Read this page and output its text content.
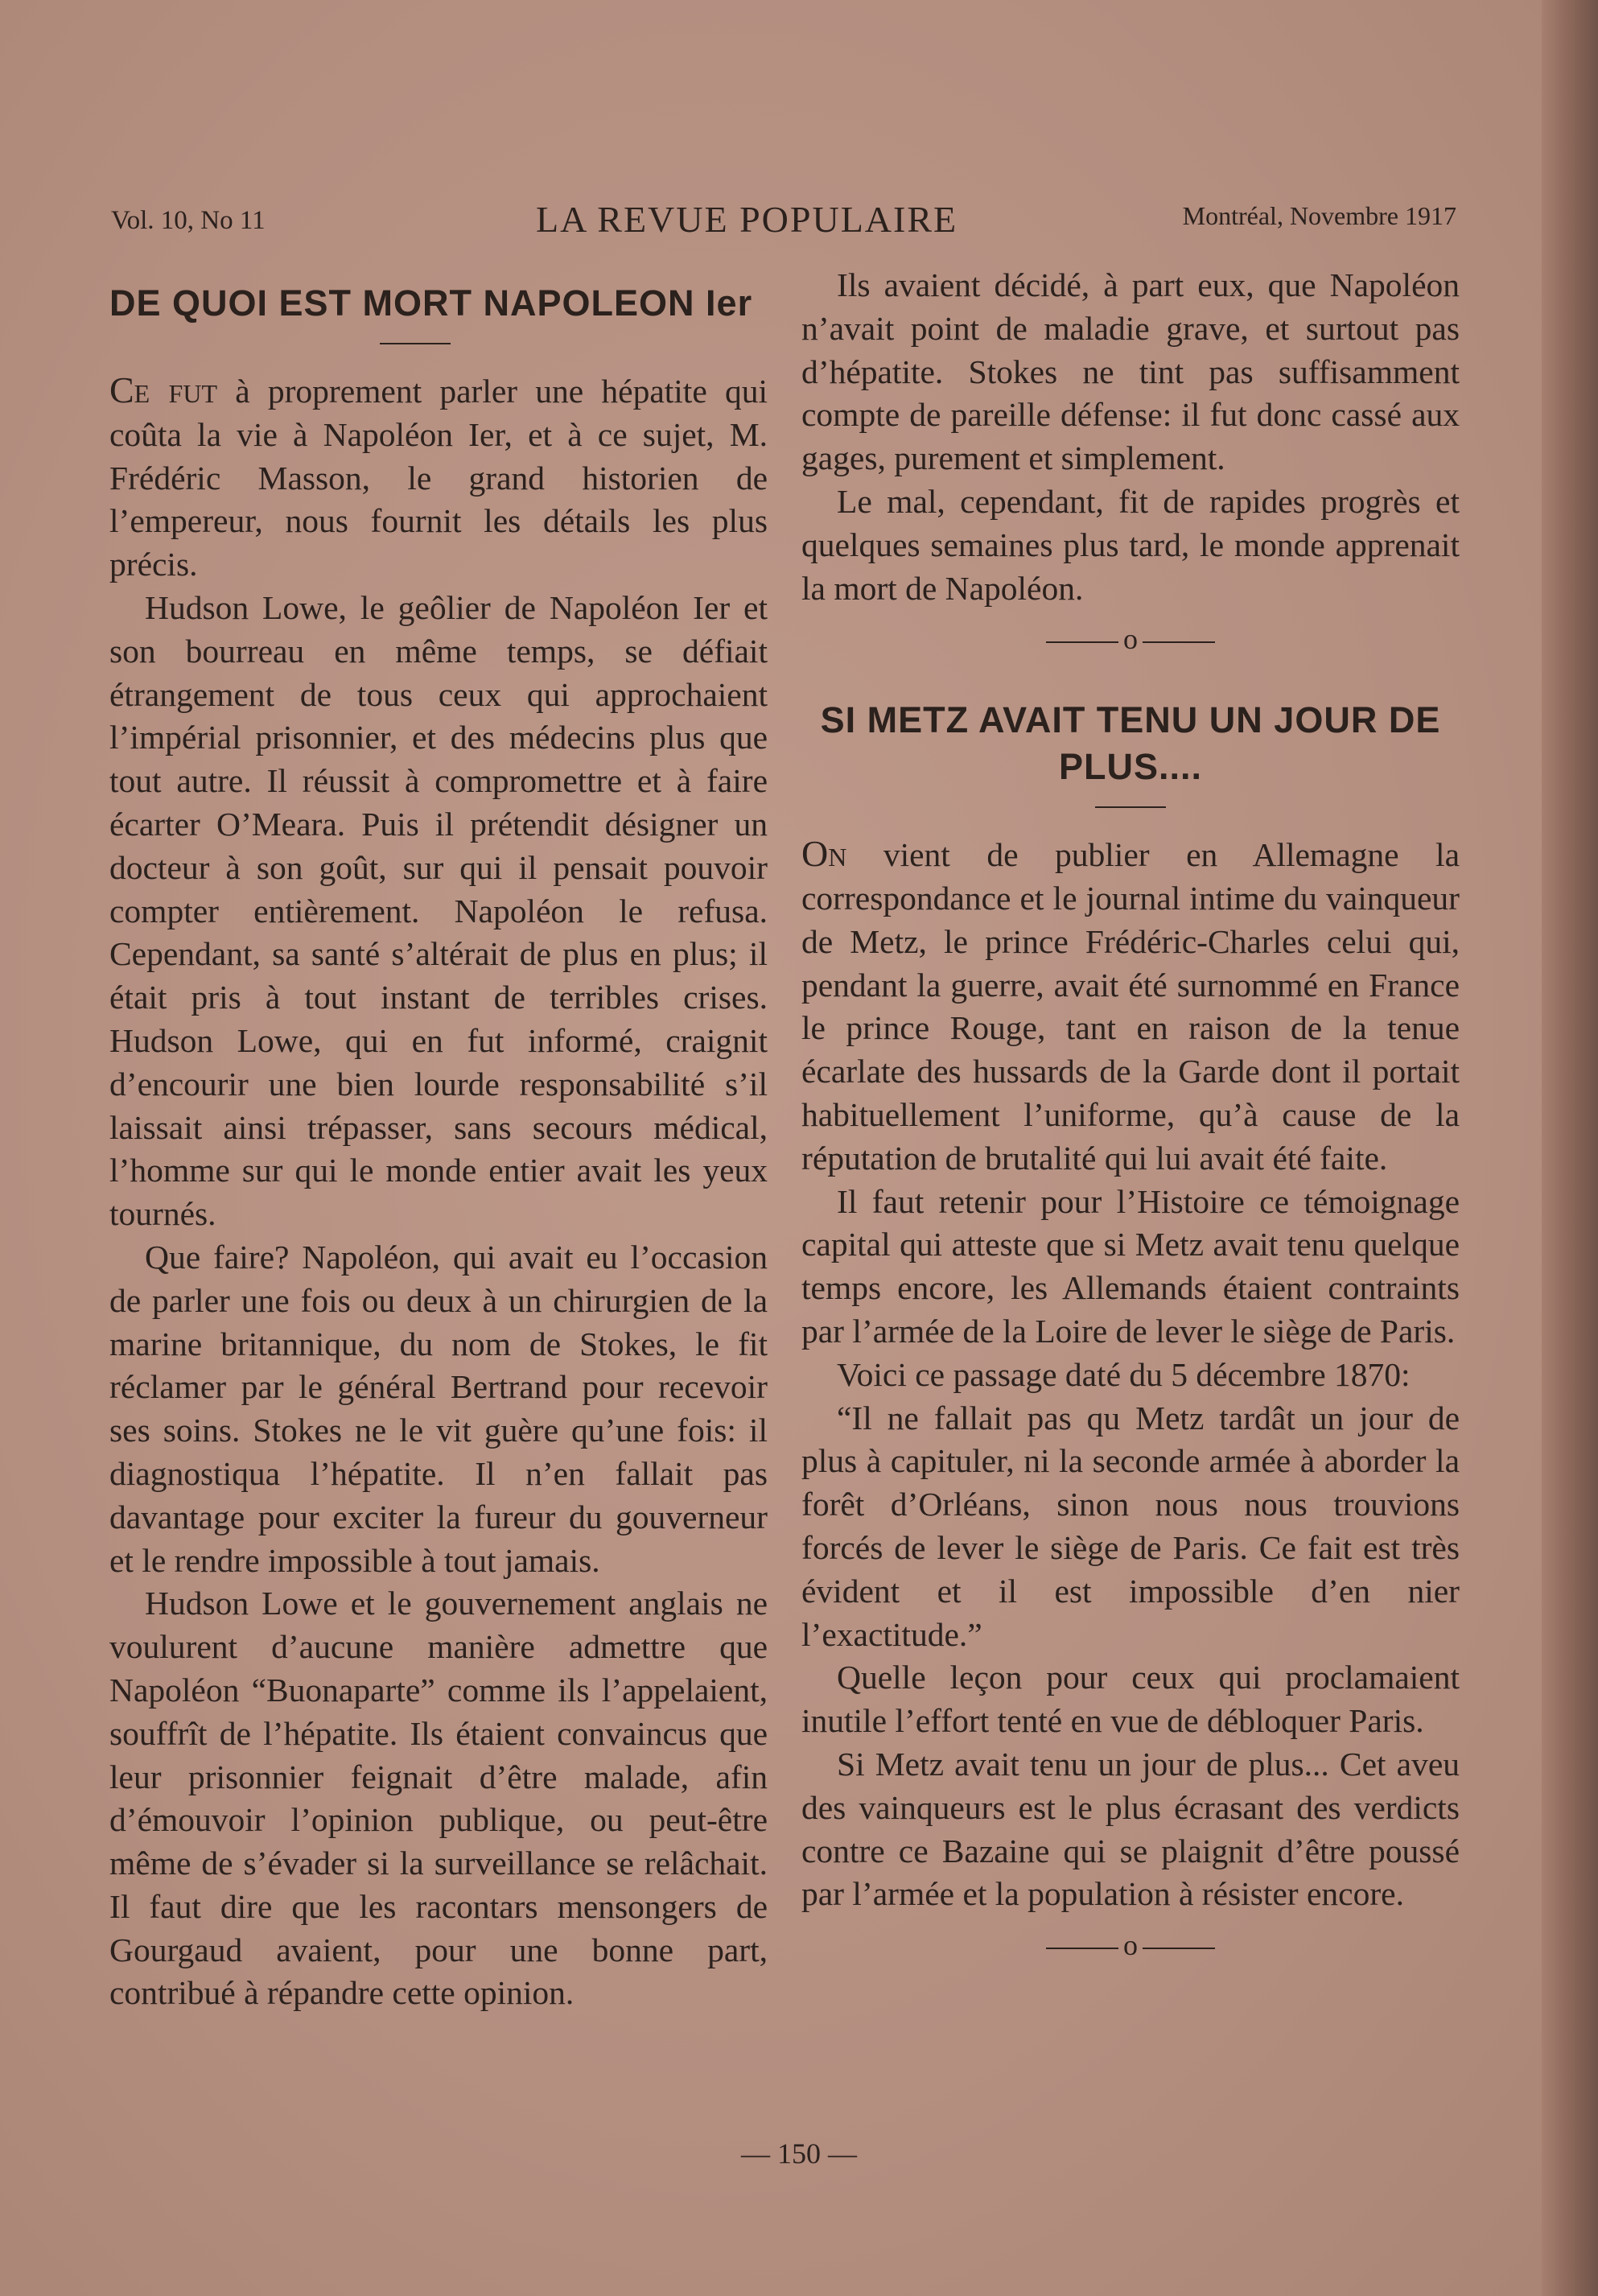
Vol. 10, No 11	LA REVUE POPULAIRE	Montréal, Novembre 1917
DE QUOI EST MORT NAPOLEON Ier

Ce fut à proprement parler une hépatite qui coûta la vie à Napoléon Ier, et à ce sujet, M. Frédéric Masson, le grand historien de l’empereur, nous fournit les détails les plus précis.

Hudson Lowe, le geôlier de Napoléon Ier et son bourreau en même temps, se défiait étrangement de tous ceux qui approchaient l’impérial prisonnier, et des médecins plus que tout autre. Il réussit à compromettre et à faire écarter O’Meara. Puis il prétendit désigner un docteur à son goût, sur qui il pensait pouvoir compter entièrement. Napoléon le refusa. Cependant, sa santé s’altérait de plus en plus; il était pris à tout instant de terribles crises. Hudson Lowe, qui en fut informé, craignit d’encourir une bien lourde responsabilité s’il laissait ainsi trépasser, sans secours médical, l’homme sur qui le monde entier avait les yeux tournés.

Que faire? Napoléon, qui avait eu l’occasion de parler une fois ou deux à un chirurgien de la marine britannique, du nom de Stokes, le fit réclamer par le général Bertrand pour recevoir ses soins. Stokes ne le vit guère qu’une fois: il diagnostiqua l’hépatite. Il n’en fallait pas davantage pour exciter la fureur du gouverneur et le rendre impossible à tout jamais.

Hudson Lowe et le gouvernement anglais ne voulurent d’aucune manière admettre que Napoléon “Buonaparte” comme ils l’appelaient, souffrît de l’hépatite. Ils étaient convaincus que leur prisonnier feignait d’être malade, afin d’émouvoir l’opinion publique, ou peut-être même de s’évader si la surveillance se relâchait. Il faut dire que les racontars mensongers de Gourgaud avaient, pour une bonne part, contribué à répandre cette opinion.

Ils avaient décidé, à part eux, que Napoléon n’avait point de maladie grave, et surtout pas d’hépatite. Stokes ne tint pas suffisamment compte de pareille défense: il fut donc cassé aux gages, purement et simplement.

Le mal, cependant, fit de rapides progrès et quelques semaines plus tard, le monde apprenait la mort de Napoléon.

o
SI METZ AVAIT TENU UN JOUR DE PLUS....

On vient de publier en Allemagne la correspondance et le journal intime du vainqueur de Metz, le prince Frédéric-Charles celui qui, pendant la guerre, avait été surnommé en France le prince Rouge, tant en raison de la tenue écarlate des hussards de la Garde dont il portait habituellement l’uniforme, qu’à cause de la réputation de brutalité qui lui avait été faite.

Il faut retenir pour l’Histoire ce témoignage capital qui atteste que si Metz avait tenu quelque temps encore, les Allemands étaient contraints par l’armée de la Loire de lever le siège de Paris.

Voici ce passage daté du 5 décembre 1870:

“Il ne fallait pas qu Metz tardât un jour de plus à capituler, ni la seconde armée à aborder la forêt d’Orléans, sinon nous nous trouvions forcés de lever le siège de Paris. Ce fait est très évident et il est impossible d’en nier l’exactitude.”

Quelle leçon pour ceux qui proclamaient inutile l’effort tenté en vue de débloquer Paris.

Si Metz avait tenu un jour de plus... Cet aveu des vainqueurs est le plus écrasant des verdicts contre ce Bazaine qui se plaignit d’être poussé par l’armée et la population à résister encore.

o
— 150 —
